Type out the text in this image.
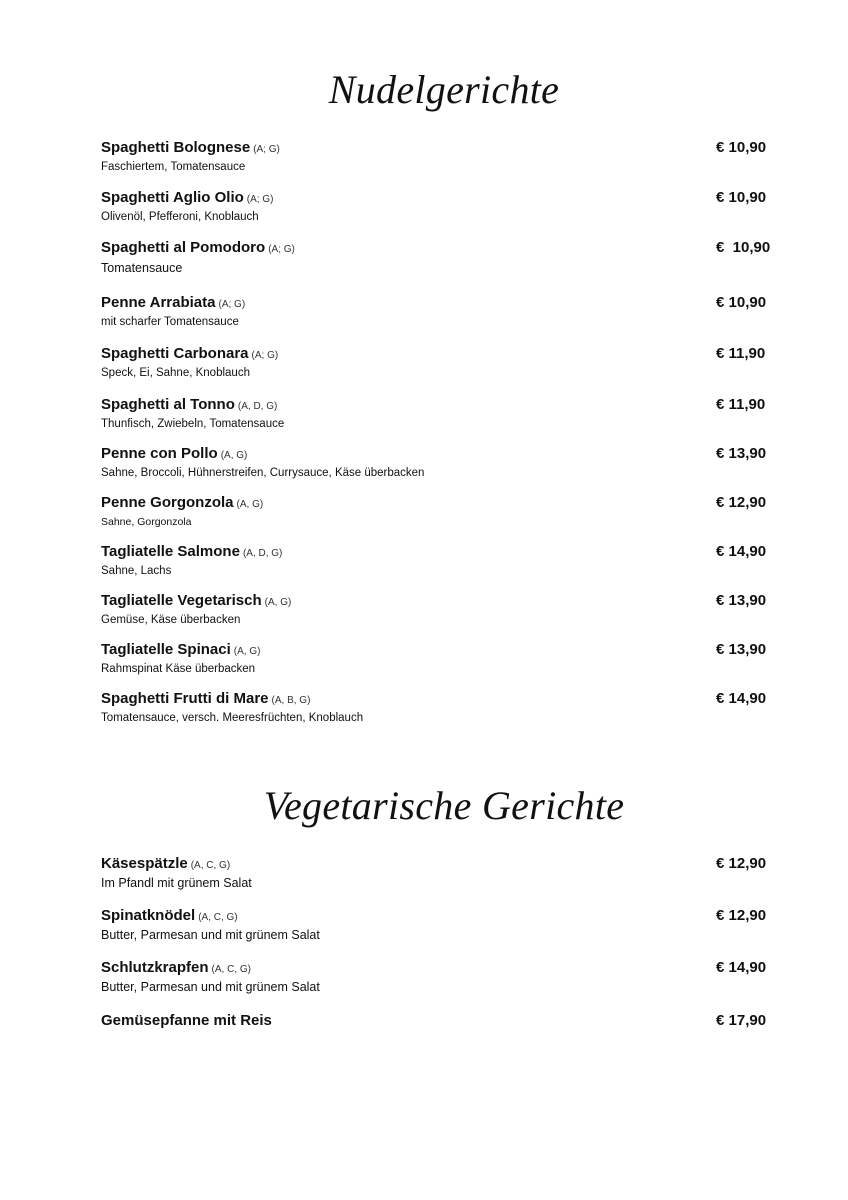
Nudelgerichte
Spaghetti Bolognese (A; G)
Faschiertem, Tomatensauce
€ 10,90
Spaghetti Aglio Olio (A; G)
Olivenöl, Pfefferoni, Knoblauch
€ 10,90
Spaghetti al Pomodoro (A; G)
Tomatensauce
€  10,90
Penne Arrabiata (A; G)
mit scharfer Tomatensauce
€ 10,90
Spaghetti Carbonara (A; G)
Speck, Ei, Sahne, Knoblauch
€ 11,90
Spaghetti al Tonno (A, D, G)
Thunfisch, Zwiebeln, Tomatensauce
€ 11,90
Penne con Pollo (A, G)
Sahne, Broccoli, Hühnerstreifen, Currysauce, Käse überbacken
€ 13,90
Penne Gorgonzola (A, G)
Sahne, Gorgonzola
€ 12,90
Tagliatelle Salmone (A, D, G)
Sahne, Lachs
€ 14,90
Tagliatelle Vegetarisch (A, G)
Gemüse, Käse überbacken
€ 13,90
Tagliatelle Spinaci (A, G)
Rahmspinat Käse überbacken
€ 13,90
Spaghetti Frutti di Mare (A, B, G)
Tomatensauce, versch. Meeresfrüchten, Knoblauch
€ 14,90
Vegetarische Gerichte
Käsespätzle (A, C, G)
Im Pfandl mit grünem Salat
€ 12,90
Spinatknödel (A, C, G)
Butter, Parmesan und mit grünem Salat
€ 12,90
Schlutzkrapfen (A, C, G)
Butter, Parmesan und mit grünem Salat
€ 14,90
Gemüsepfanne mit Reis	€ 17,90
